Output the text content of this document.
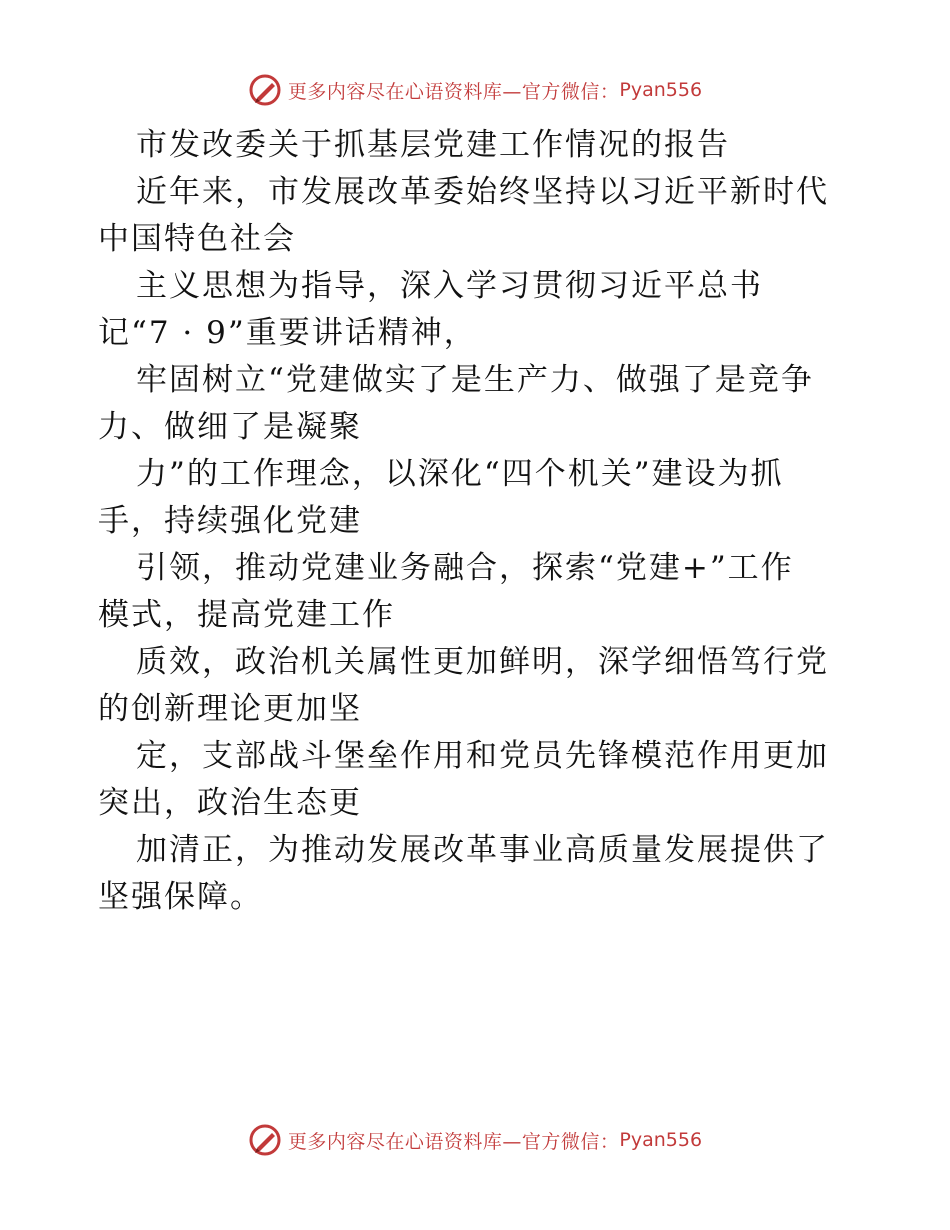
更多内容尽在心语资料库—官方微信： Pyan556
市发改委关于抓基层党建工作情况的报告
近年来，市发展改革委始终坚持以习近平新时代
中国特色社会
主义思想为指导，深入学习贯彻习近平总书
记“7 · 9”重要讲话精神，
牢固树立“党建做实了是生产力、做强了是竞争
力、做细了是凝聚
力”的工作理念，以深化“四个机关”建设为抓
手，持续强化党建
引领，推动党建业务融合，探索“党建+”工作
模式，提高党建工作
质效，政治机关属性更加鲜明，深学细悟笃行党
的创新理论更加坚
定，支部战斗堡垒作用和党员先锋模范作用更加
突出，政治生态更
加清正，为推动发展改革事业高质量发展提供了
坚强保障。
更多内容尽在心语资料库—官方微信： Pyan556
